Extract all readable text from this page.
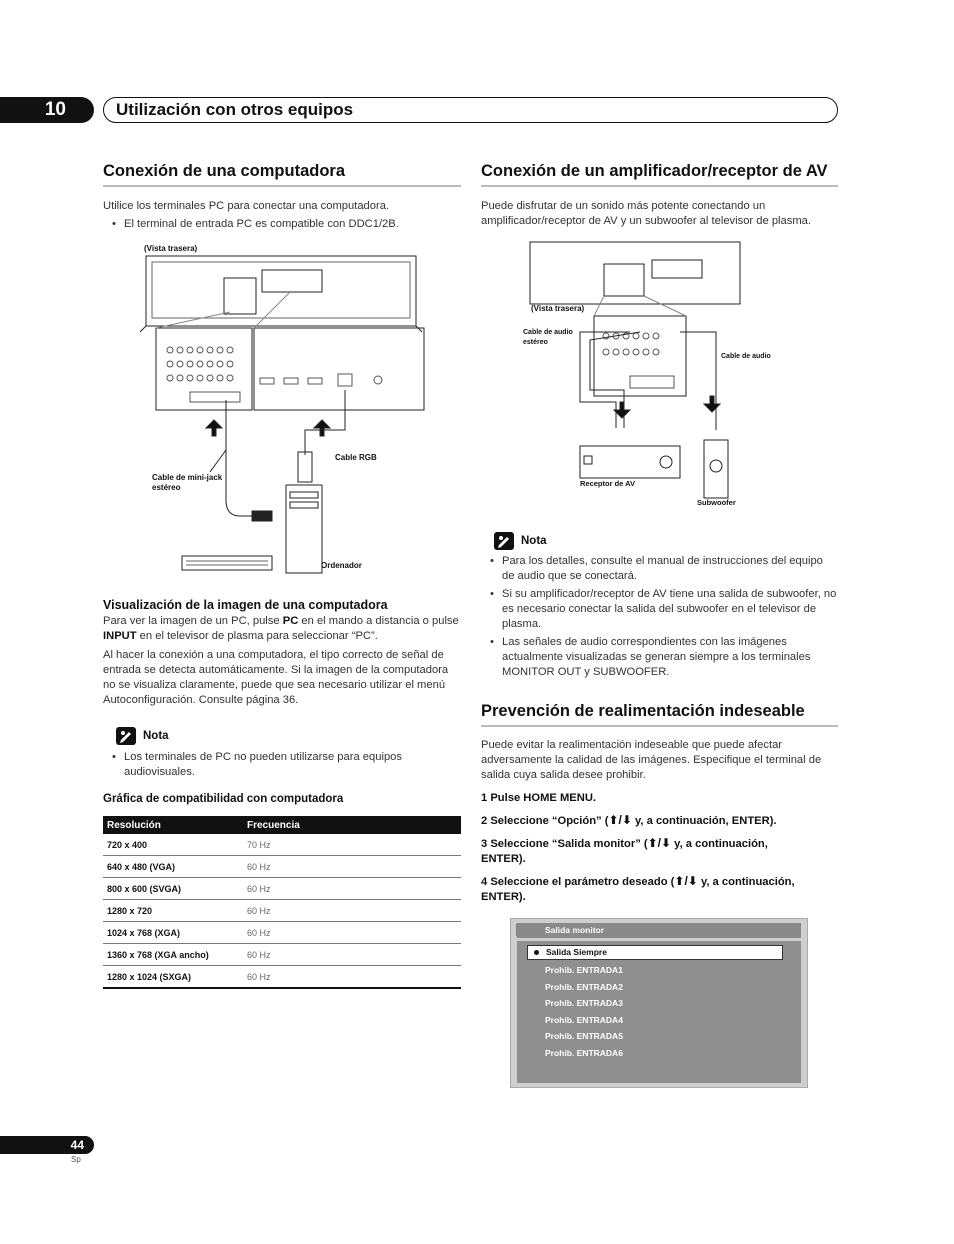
10	Utilización con otros equipos
Conexión de una computadora
Utilice los terminales PC para conectar una computadora.
• El terminal de entrada PC es compatible con DDC1/2B.
(Vista trasera)
Cable RGB
Cable de mini-jack estéreo
Ordenador
Visualización de la imagen de una computadora
Para ver la imagen de un PC, pulse PC en el mando a distancia o pulse INPUT en el televisor de plasma para seleccionar “PC”.
Al hacer la conexión a una computadora, el tipo correcto de señal de entrada se detecta automáticamente. Si la imagen de la computadora no se visualiza claramente, puede que sea necesario utilizar el menú Autoconfiguración. Consulte página 36.
Nota
• Los terminales de PC no pueden utilizarse para equipos audiovisuales.
Gráfica de compatibilidad con computadora
Resolución	Frecuencia
720 x 400	70 Hz
640 x 480 (VGA)	60 Hz
800 x 600 (SVGA)	60 Hz
1280 x 720	60 Hz
1024 x 768 (XGA)	60 Hz
1360 x 768 (XGA ancho)	60 Hz
1280 x 1024 (SXGA)	60 Hz
Conexión de un amplificador/receptor de AV
Puede disfrutar de un sonido más potente conectando un amplificador/receptor de AV y un subwoofer al televisor de plasma.
(Vista trasera)
Cable de audio estéreo
Cable de audio
Receptor de AV
Subwoofer
Nota
• Para los detalles, consulte el manual de instrucciones del equipo de audio que se conectará.
• Si su amplificador/receptor de AV tiene una salida de subwoofer, no es necesario conectar la salida del subwoofer en el televisor de plasma.
• Las señales de audio correspondientes con las imágenes actualmente visualizadas se generan siempre a los terminales MONITOR OUT y SUBWOOFER.
Prevención de realimentación indeseable
Puede evitar la realimentación indeseable que puede afectar adversamente la calidad de las imágenes. Especifique el terminal de salida cuya salida desee prohibir.
1 Pulse HOME MENU.
2 Seleccione “Opción” (⬆/⬇ y, a continuación, ENTER).
3 Seleccione “Salida monitor” (⬆/⬇ y, a continuación,
ENTER).
4 Seleccione el parámetro deseado (⬆/⬇ y, a continuación,
ENTER).
Salida monitor
Salida Siempre
Prohib. ENTRADA1
Prohib. ENTRADA2
Prohib. ENTRADA3
Prohib. ENTRADA4
Prohib. ENTRADA5
Prohib. ENTRADA6
44
Sp
